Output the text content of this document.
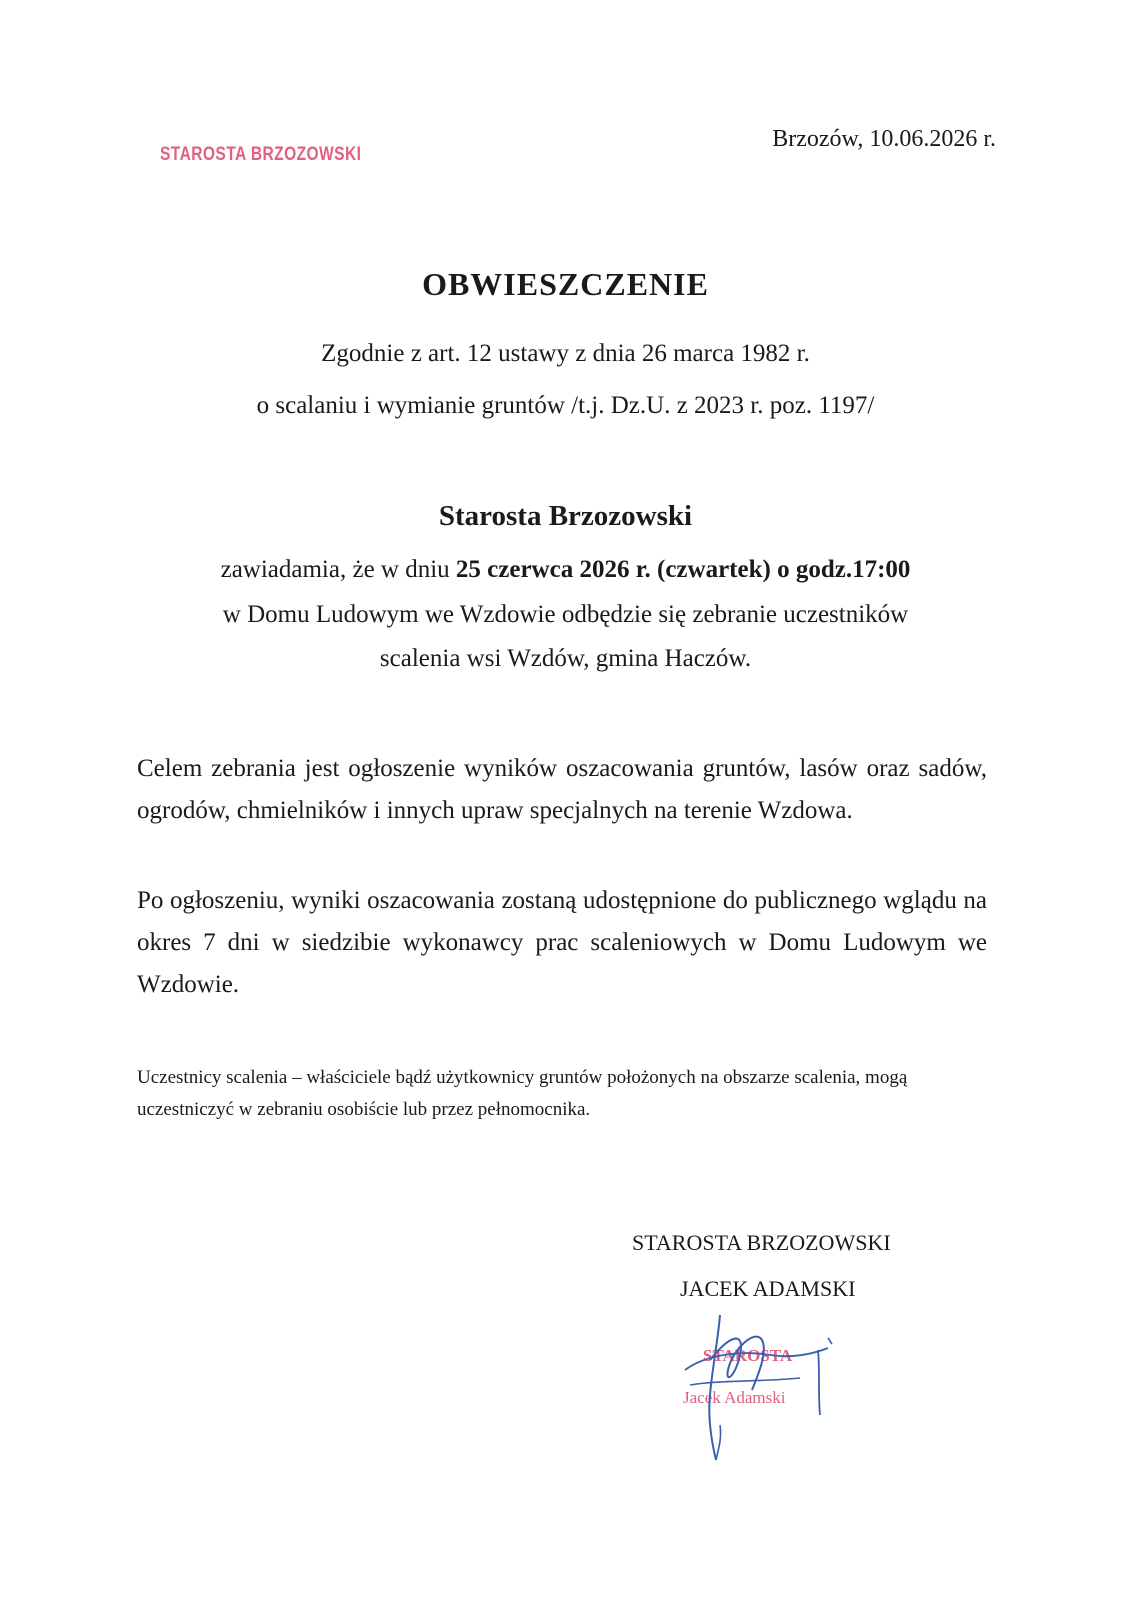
STAROSTA BRZOZOWSKI
Brzozów, 10.06.2026 r.
OBWIESZCZENIE
Zgodnie z art. 12 ustawy z dnia 26 marca 1982 r.
o scalaniu i wymianie gruntów /t.j. Dz.U. z 2023 r. poz. 1197/
Starosta Brzozowski
zawiadamia, że w dniu 25 czerwca 2026 r. (czwartek) o godz.17:00
w Domu Ludowym we Wzdowie odbędzie się zebranie uczestników
scalenia wsi Wzdów, gmina Haczów.
Celem zebrania jest ogłoszenie wyników oszacowania gruntów, lasów oraz sadów, ogrodów, chmielników i innych upraw specjalnych na terenie Wzdowa.
Po ogłoszeniu, wyniki oszacowania zostaną udostępnione do publicznego wglądu na okres 7 dni w siedzibie wykonawcy prac scaleniowych w Domu Ludowym we Wzdowie.
Uczestnicy scalenia – właściciele bądź użytkownicy gruntów położonych na obszarze scalenia, mogą uczestniczyć w zebraniu osobiście lub przez pełnomocnika.
STAROSTA BRZOZOWSKI
JACEK ADAMSKI
STAROSTA
Jacek Adamski
